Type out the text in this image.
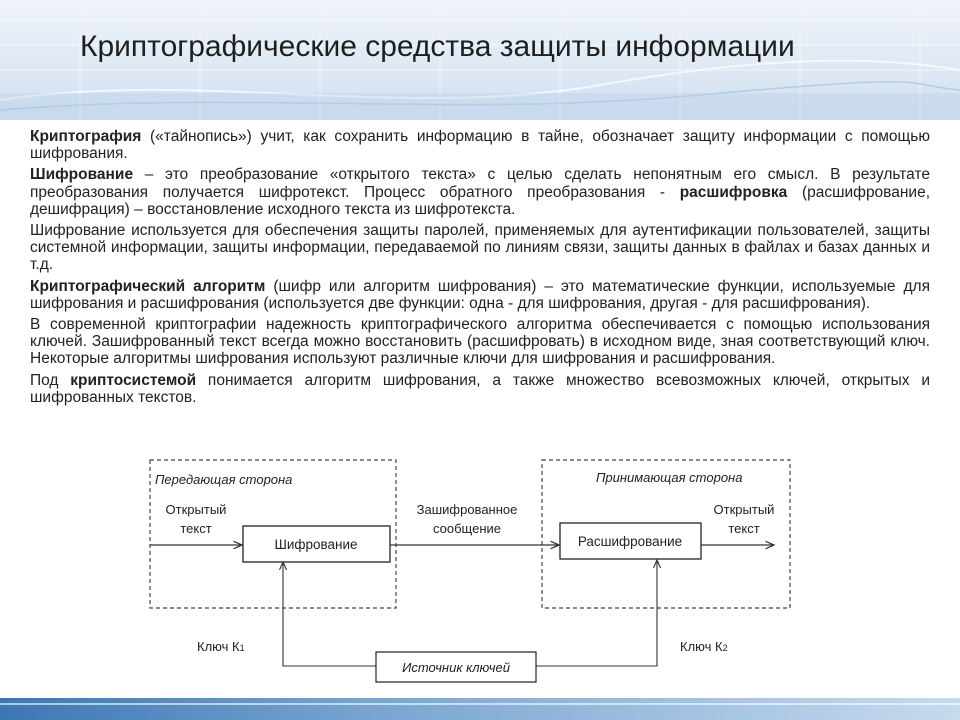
Криптографические средства защиты информации

Криптография («тайнопись») учит, как сохранить информацию в тайне, обозначает защиту информации с помощью шифрования.

Шифрование – это преобразование «открытого текста» с целью сделать непонятным его смысл. В результате преобразования получается шифротекст. Процесс обратного преобразования - расшифровка (расшифрование, дешифрация) – восстановление исходного текста из шифротекста.

Шифрование используется для обеспечения защиты паролей, применяемых для аутентификации пользователей, защиты системной информации, защиты информации, передаваемой по линиям связи, защиты данных в файлах и базах данных и т.д.

Криптографический алгоритм (шифр или алгоритм шифрования) – это математические функции, используемые для шифрования и расшифрования (используется две функции: одна - для шифрования, другая - для расшифрования).

В современной криптографии надежность криптографического алгоритма обеспечивается с помощью использования ключей. Зашифрованный текст всегда можно восстановить (расшифровать) в исходном виде, зная соответствующий ключ. Некоторые алгоритмы шифрования используют различные ключи для шифрования и расшифрования.

Под криптосистемой понимается алгоритм шифрования, а также множество всевозможных ключей, открытых и шифрованных текстов.

Передающая сторона	Принимающая сторона
Открытый
текст
Шифрование
Зашифрованное
сообщение
Расшифрование
Открытый
текст
Ключ К1	Ключ К2
Источник ключей
